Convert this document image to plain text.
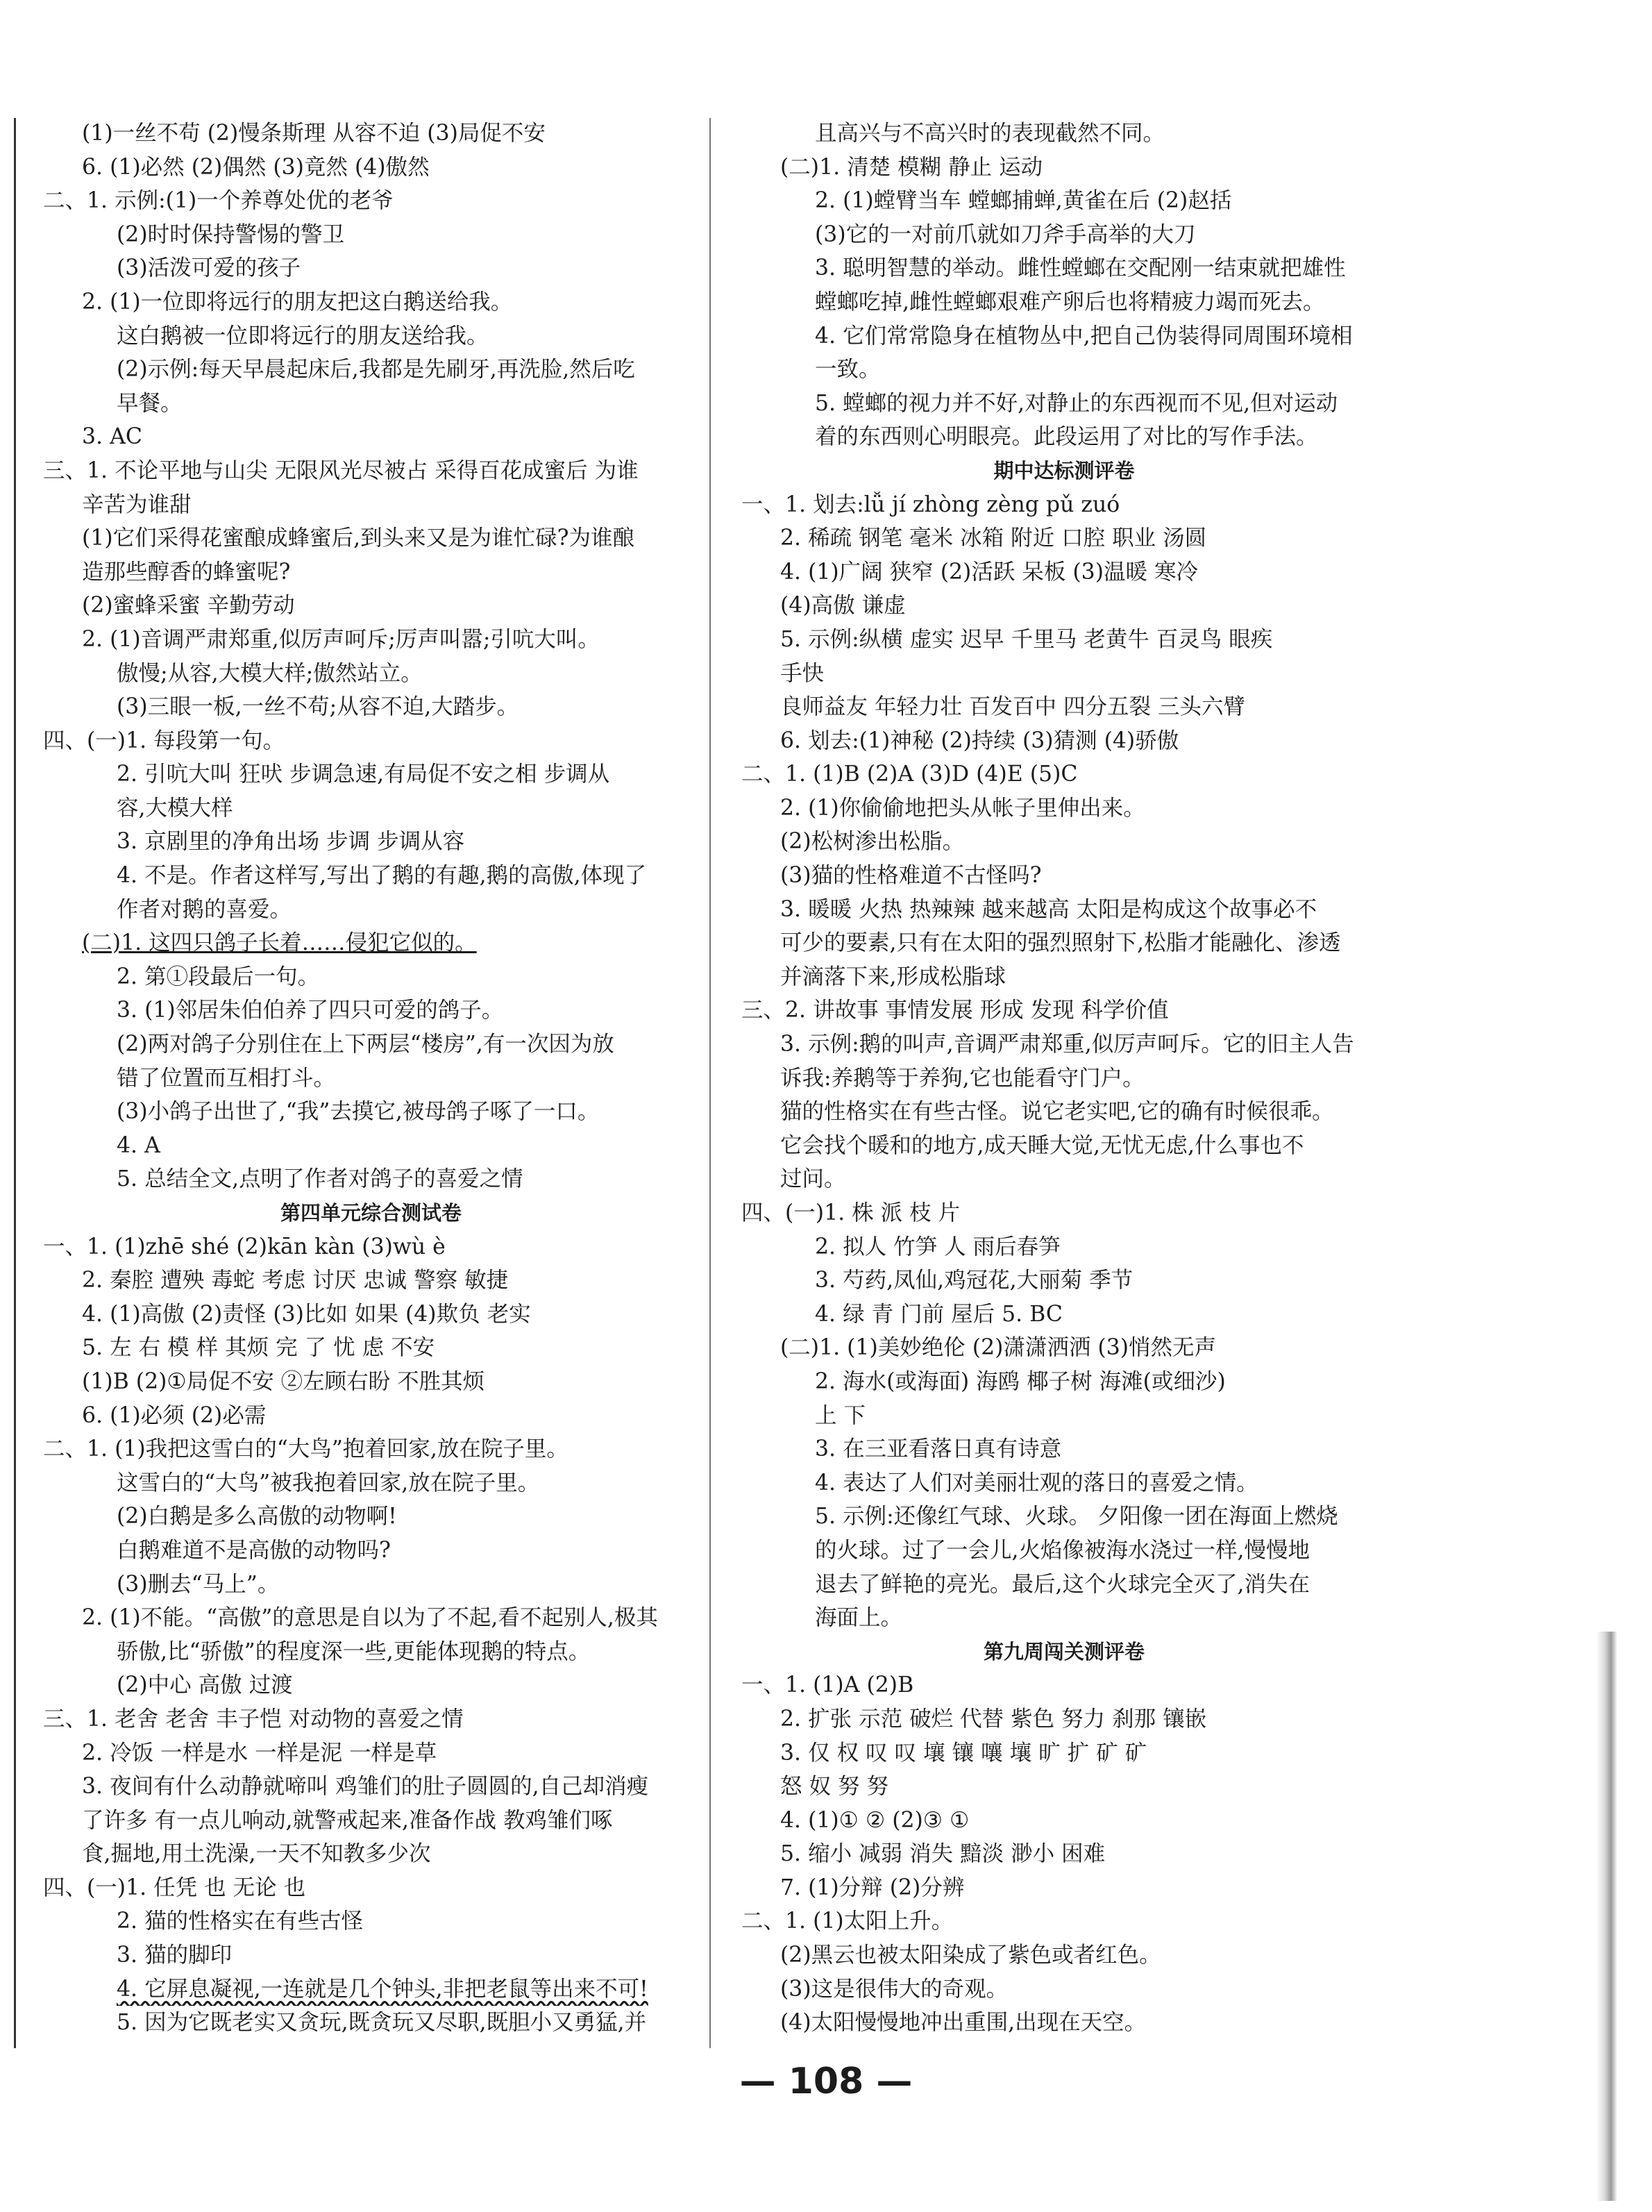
(1)一丝不苟 (2)慢条斯理 从容不迫 (3)局促不安
6. (1)必然 (2)偶然 (3)竟然 (4)傲然
二、1. 示例:(1)一个养尊处优的老爷
(2)时时保持警惕的警卫
(3)活泼可爱的孩子
2. (1)一位即将远行的朋友把这白鹅送给我。
这白鹅被一位即将远行的朋友送给我。
(2)示例:每天早晨起床后,我都是先刷牙,再洗脸,然后吃
早餐。
3. AC
三、1. 不论平地与山尖 无限风光尽被占 采得百花成蜜后 为谁
辛苦为谁甜
(1)它们采得花蜜酿成蜂蜜后,到头来又是为谁忙碌?为谁酿
造那些醇香的蜂蜜呢?
(2)蜜蜂采蜜 辛勤劳动
2. (1)音调严肃郑重,似厉声呵斥;厉声叫嚣;引吭大叫。
傲慢;从容,大模大样;傲然站立。
(3)三眼一板,一丝不苟;从容不迫,大踏步。
四、(一)1. 每段第一句。
2. 引吭大叫 狂吠 步调急速,有局促不安之相 步调从
容,大模大样
3. 京剧里的净角出场 步调 步调从容
4. 不是。作者这样写,写出了鹅的有趣,鹅的高傲,体现了
作者对鹅的喜爱。
(二)1. 这四只鸽子长着……侵犯它似的。
2. 第①段最后一句。
3. (1)邻居朱伯伯养了四只可爱的鸽子。
(2)两对鸽子分别住在上下两层“楼房”,有一次因为放
错了位置而互相打斗。
(3)小鸽子出世了,“我”去摸它,被母鸽子啄了一口。
4. A
5. 总结全文,点明了作者对鸽子的喜爱之情
第四单元综合测试卷
一、1. (1)zhē shé (2)kān kàn (3)wù è
2. 秦腔 遭殃 毒蛇 考虑 讨厌 忠诚 警察 敏捷
4. (1)高傲 (2)责怪 (3)比如 如果 (4)欺负 老实
5. 左 右 模 样 其烦 完 了 忧 虑 不安
(1)B (2)①局促不安 ②左顾右盼 不胜其烦
6. (1)必须 (2)必需
二、1. (1)我把这雪白的“大鸟”抱着回家,放在院子里。
这雪白的“大鸟”被我抱着回家,放在院子里。
(2)白鹅是多么高傲的动物啊!
白鹅难道不是高傲的动物吗?
(3)删去“马上”。
2. (1)不能。“高傲”的意思是自以为了不起,看不起别人,极其
骄傲,比“骄傲”的程度深一些,更能体现鹅的特点。
(2)中心 高傲 过渡
三、1. 老舍 老舍 丰子恺 对动物的喜爱之情
2. 冷饭 一样是水 一样是泥 一样是草
3. 夜间有什么动静就啼叫 鸡雏们的肚子圆圆的,自己却消瘦
了许多 有一点儿响动,就警戒起来,准备作战 教鸡雏们啄
食,掘地,用土洗澡,一天不知教多少次
四、(一)1. 任凭 也 无论 也
2. 猫的性格实在有些古怪
3. 猫的脚印
4. 它屏息凝视,一连就是几个钟头,非把老鼠等出来不可!
5. 因为它既老实又贪玩,既贪玩又尽职,既胆小又勇猛,并
且高兴与不高兴时的表现截然不同。
(二)1. 清楚 模糊 静止 运动
2. (1)螳臂当车 螳螂捕蝉,黄雀在后 (2)赵括
(3)它的一对前爪就如刀斧手高举的大刀
3. 聪明智慧的举动。雌性螳螂在交配刚一结束就把雄性
螳螂吃掉,雌性螳螂艰难产卵后也将精疲力竭而死去。
4. 它们常常隐身在植物丛中,把自己伪装得同周围环境相
一致。
5. 螳螂的视力并不好,对静止的东西视而不见,但对运动
着的东西则心明眼亮。此段运用了对比的写作手法。
期中达标测评卷
一、1. 划去:lǚ jí zhòng zèng pǔ zuó
2. 稀疏 钢笔 毫米 冰箱 附近 口腔 职业 汤圆
4. (1)广阔 狭窄 (2)活跃 呆板 (3)温暖 寒冷
(4)高傲 谦虚
5. 示例:纵横 虚实 迟早 千里马 老黄牛 百灵鸟 眼疾
手快
良师益友 年轻力壮 百发百中 四分五裂 三头六臂
6. 划去:(1)神秘 (2)持续 (3)猜测 (4)骄傲
二、1. (1)B (2)A (3)D (4)E (5)C
2. (1)你偷偷地把头从帐子里伸出来。
(2)松树渗出松脂。
(3)猫的性格难道不古怪吗?
3. 暖暖 火热 热辣辣 越来越高 太阳是构成这个故事必不
可少的要素,只有在太阳的强烈照射下,松脂才能融化、渗透
并滴落下来,形成松脂球
三、2. 讲故事 事情发展 形成 发现 科学价值
3. 示例:鹅的叫声,音调严肃郑重,似厉声呵斥。它的旧主人告
诉我:养鹅等于养狗,它也能看守门户。
猫的性格实在有些古怪。说它老实吧,它的确有时候很乖。
它会找个暖和的地方,成天睡大觉,无忧无虑,什么事也不
过问。
四、(一)1. 株 派 枝 片
2. 拟人 竹笋 人 雨后春笋
3. 芍药,凤仙,鸡冠花,大丽菊 季节
4. 绿 青 门前 屋后 5. BC
(二)1. (1)美妙绝伦 (2)潇潇洒洒 (3)悄然无声
2. 海水(或海面) 海鸥 椰子树 海滩(或细沙)
上 下
3. 在三亚看落日真有诗意
4. 表达了人们对美丽壮观的落日的喜爱之情。
5. 示例:还像红气球、火球。 夕阳像一团在海面上燃烧
的火球。过了一会儿,火焰像被海水浇过一样,慢慢地
退去了鲜艳的亮光。最后,这个火球完全灭了,消失在
海面上。
第九周闯关测评卷
一、1. (1)A (2)B
2. 扩张 示范 破烂 代替 紫色 努力 刹那 镶嵌
3. 仅 权 叹 叹 壤 镶 嚷 壤 旷 扩 矿 矿
怒 奴 努 努
4. (1)① ② (2)③ ①
5. 缩小 减弱 消失 黯淡 渺小 困难
7. (1)分辩 (2)分辨
二、1. (1)太阳上升。
(2)黑云也被太阳染成了紫色或者红色。
(3)这是很伟大的奇观。
(4)太阳慢慢地冲出重围,出现在天空。
— 108 —
